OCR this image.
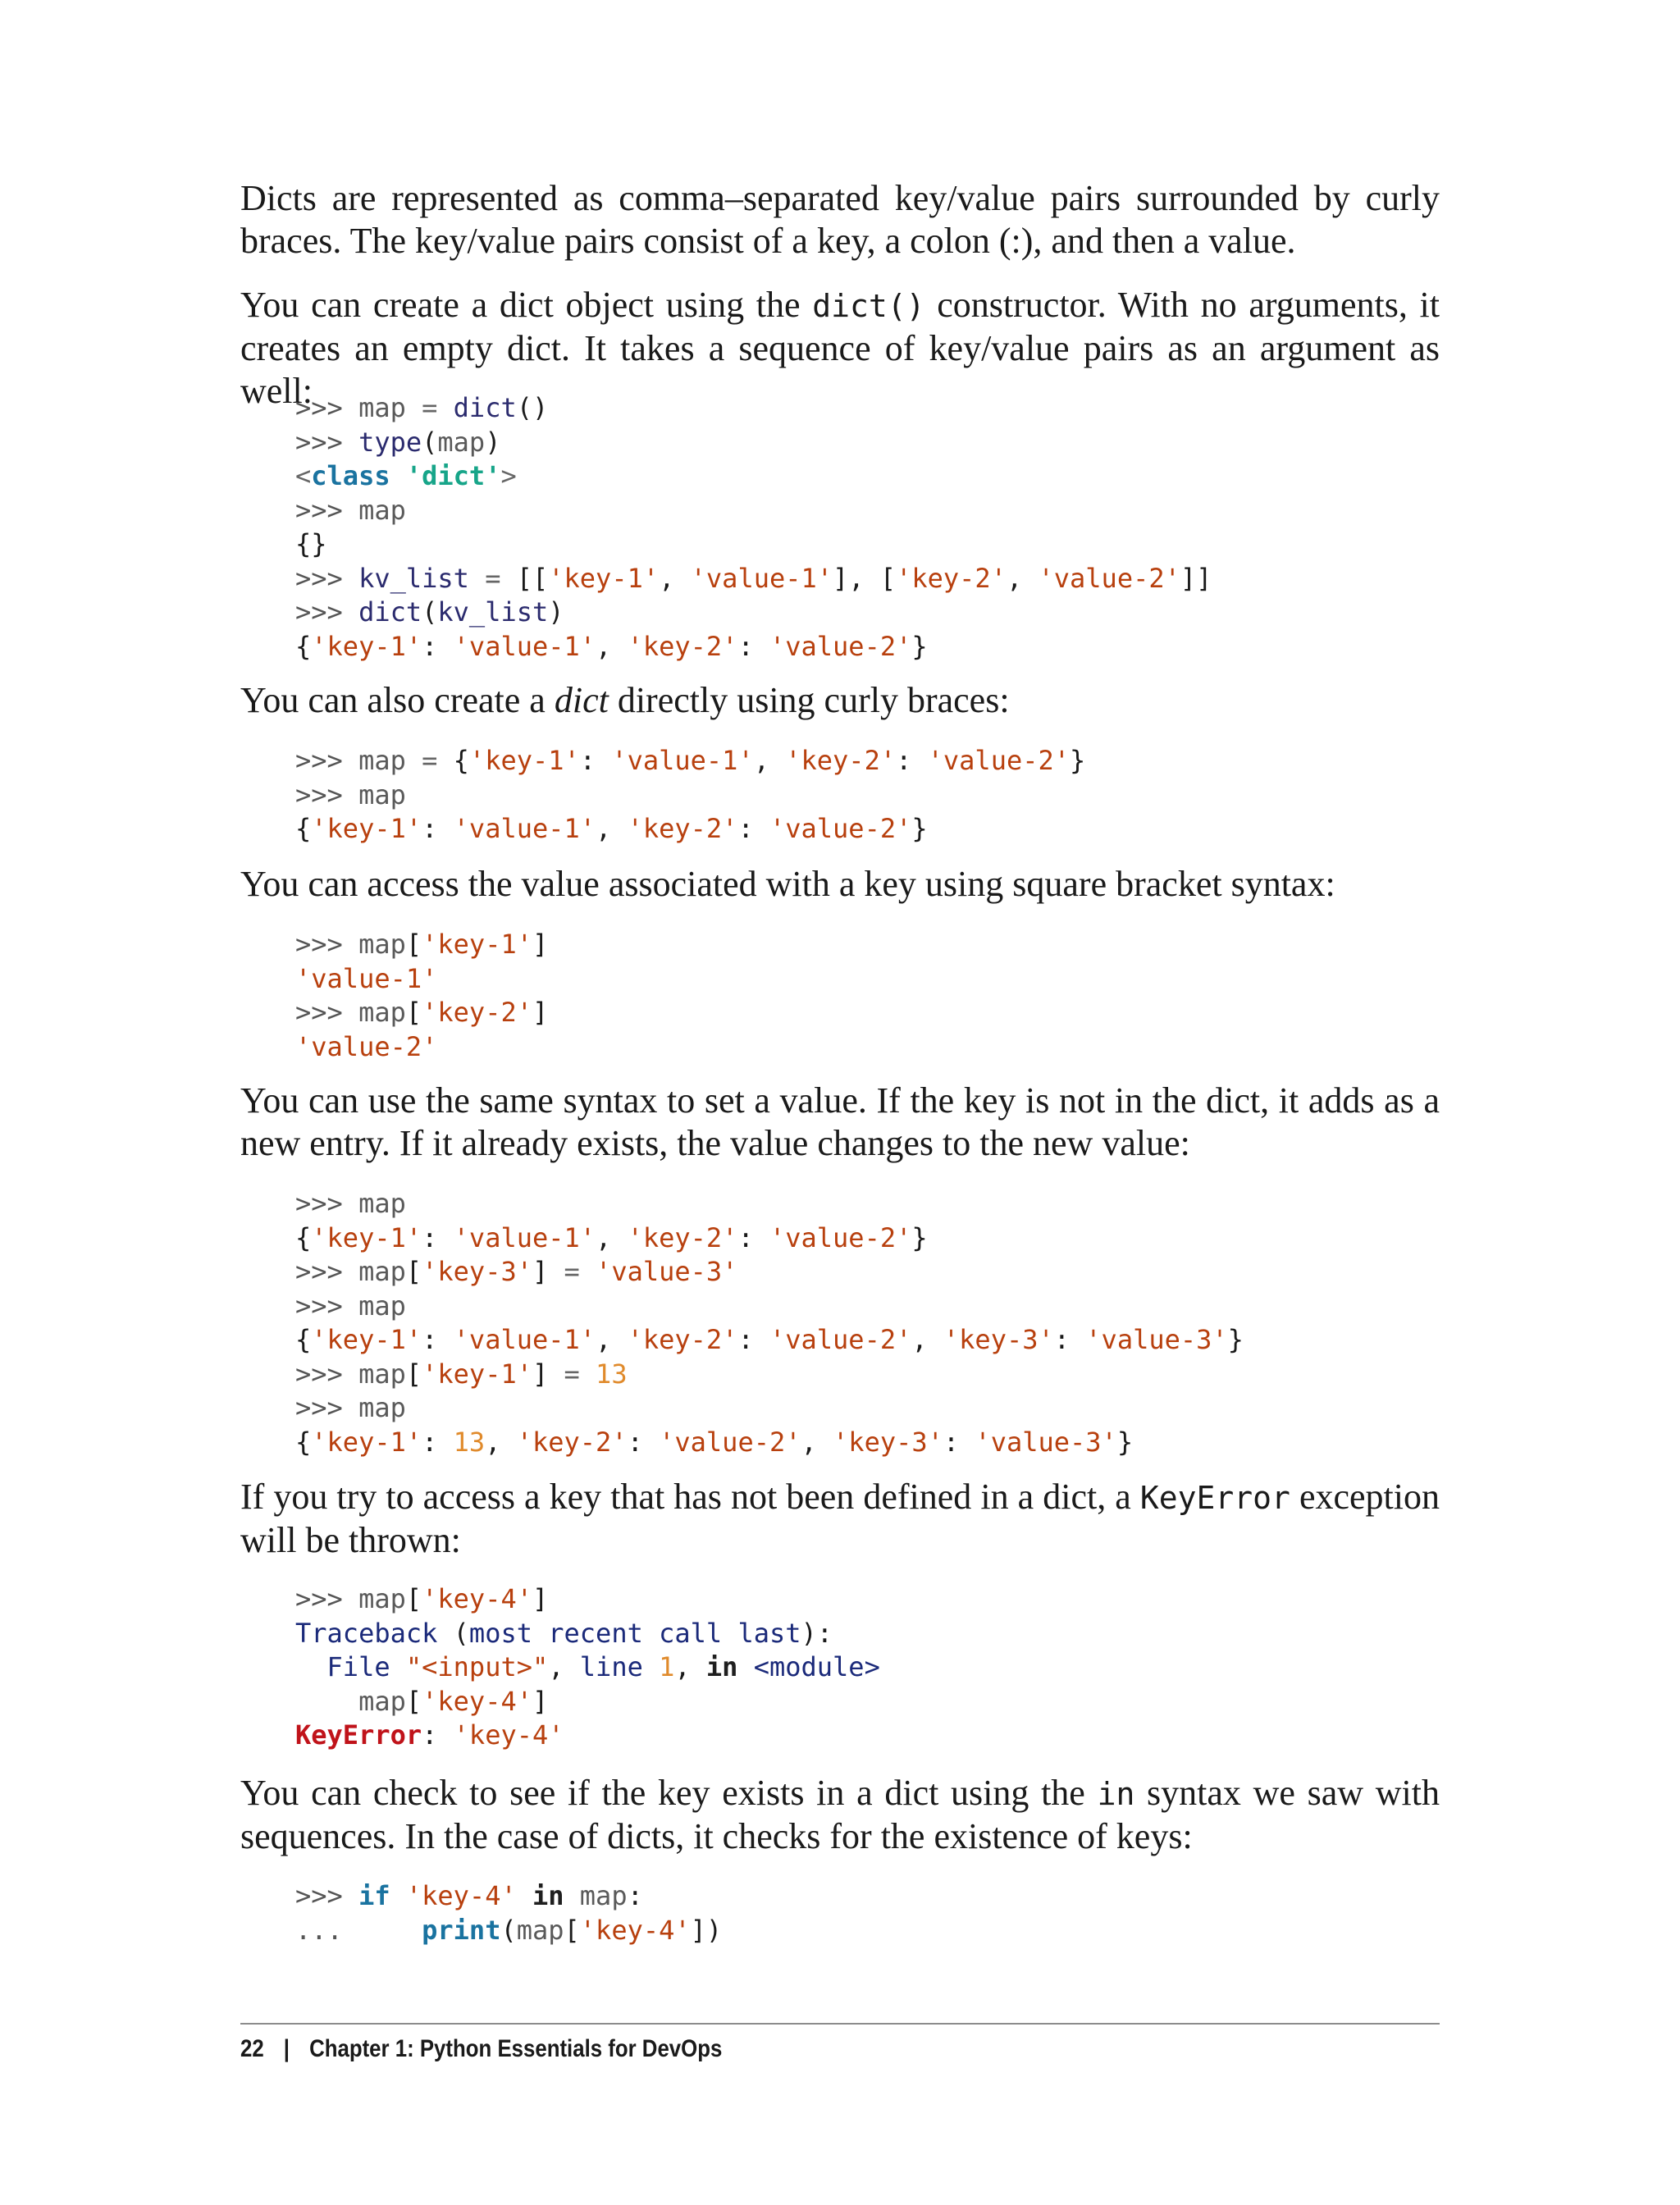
Dicts are represented as comma–separated key/value pairs surrounded by curly braces. The key/value pairs consist of a key, a colon (:), and then a value.

You can create a dict object using the dict() constructor. With no arguments, it creates an empty dict. It takes a sequence of key/value pairs as an argument as well:

>>> map = dict()
>>> type(map)
<class 'dict'>
>>> map
{}
>>> kv_list = [['key-1', 'value-1'], ['key-2', 'value-2']]
>>> dict(kv_list)
{'key-1': 'value-1', 'key-2': 'value-2'}

You can also create a dict directly using curly braces:

>>> map = {'key-1': 'value-1', 'key-2': 'value-2'}
>>> map
{'key-1': 'value-1', 'key-2': 'value-2'}

You can access the value associated with a key using square bracket syntax:

>>> map['key-1']
'value-1'
>>> map['key-2']
'value-2'

You can use the same syntax to set a value. If the key is not in the dict, it adds as a new entry. If it already exists, the value changes to the new value:

>>> map
{'key-1': 'value-1', 'key-2': 'value-2'}
>>> map['key-3'] = 'value-3'
>>> map
{'key-1': 'value-1', 'key-2': 'value-2', 'key-3': 'value-3'}
>>> map['key-1'] = 13
>>> map
{'key-1': 13, 'key-2': 'value-2', 'key-3': 'value-3'}

If you try to access a key that has not been defined in a dict, a KeyError exception will be thrown:

>>> map['key-4']
Traceback (most recent call last):
File "<input>", line 1, in <module>
map['key-4']
KeyError: 'key-4'

You can check to see if the key exists in a dict using the in syntax we saw with sequences. In the case of dicts, it checks for the existence of keys:

>>> if 'key-4' in map:
...	print(map['key-4'])
22 | Chapter 1: Python Essentials for DevOps
